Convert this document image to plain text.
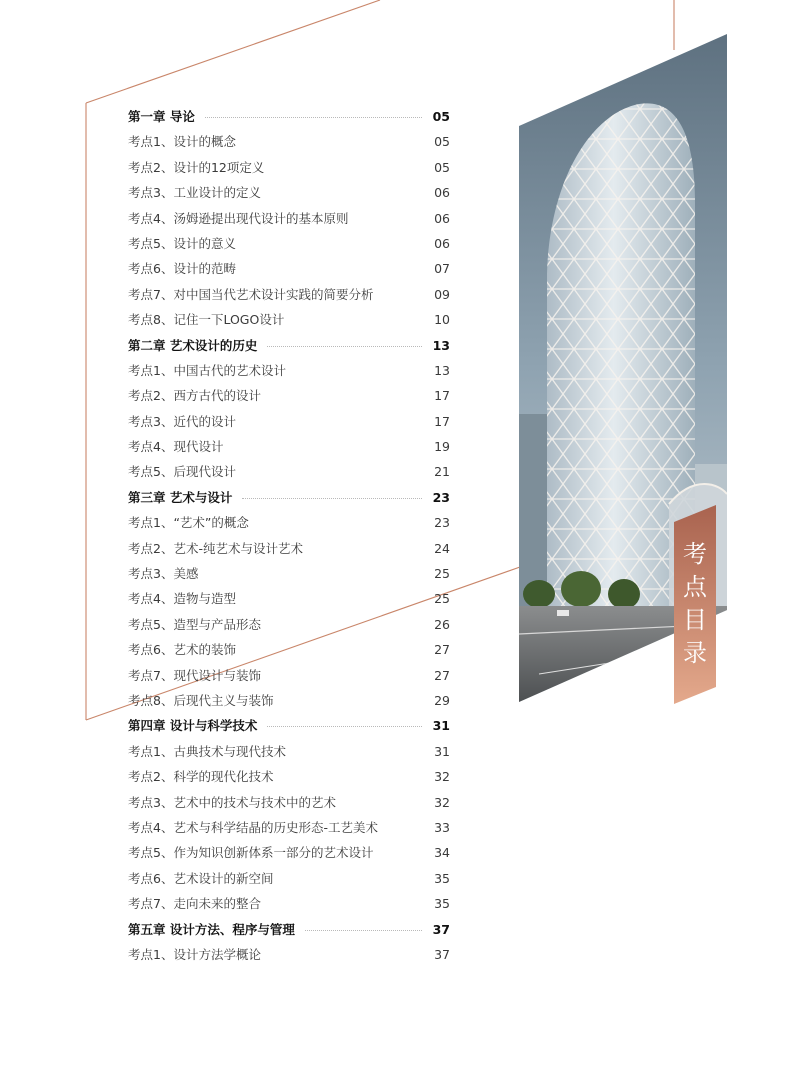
第一章 导论	05
考点1、设计的概念	05
考点2、设计的12项定义	05
考点3、工业设计的定义	06
考点4、汤姆逊提出现代设计的基本原则	06
考点5、设计的意义	06
考点6、设计的范畴	07
考点7、对中国当代艺术设计实践的简要分析	09
考点8、记住一下LOGO设计	10
第二章 艺术设计的历史	13
考点1、中国古代的艺术设计	13
考点2、西方古代的设计	17
考点3、近代的设计	17
考点4、现代设计	19
考点5、后现代设计	21
第三章 艺术与设计	23
考点1、“艺术”的概念	23
考点2、艺术-纯艺术与设计艺术	24
考点3、美感	25
考点4、造物与造型	25
考点5、造型与产品形态	26
考点6、艺术的装饰	27
考点7、现代设计与装饰	27
考点8、后现代主义与装饰	29
第四章 设计与科学技术	31
考点1、古典技术与现代技术	31
考点2、科学的现代化技术	32
考点3、艺术中的技术与技术中的艺术	32
考点4、艺术与科学结晶的历史形态-工艺美术	33
考点5、作为知识创新体系一部分的艺术设计	34
考点6、艺术设计的新空间	35
考点7、走向未来的整合	35
第五章 设计方法、程序与管理	37
考点1、设计方法学概论	37
考
点
目
录
